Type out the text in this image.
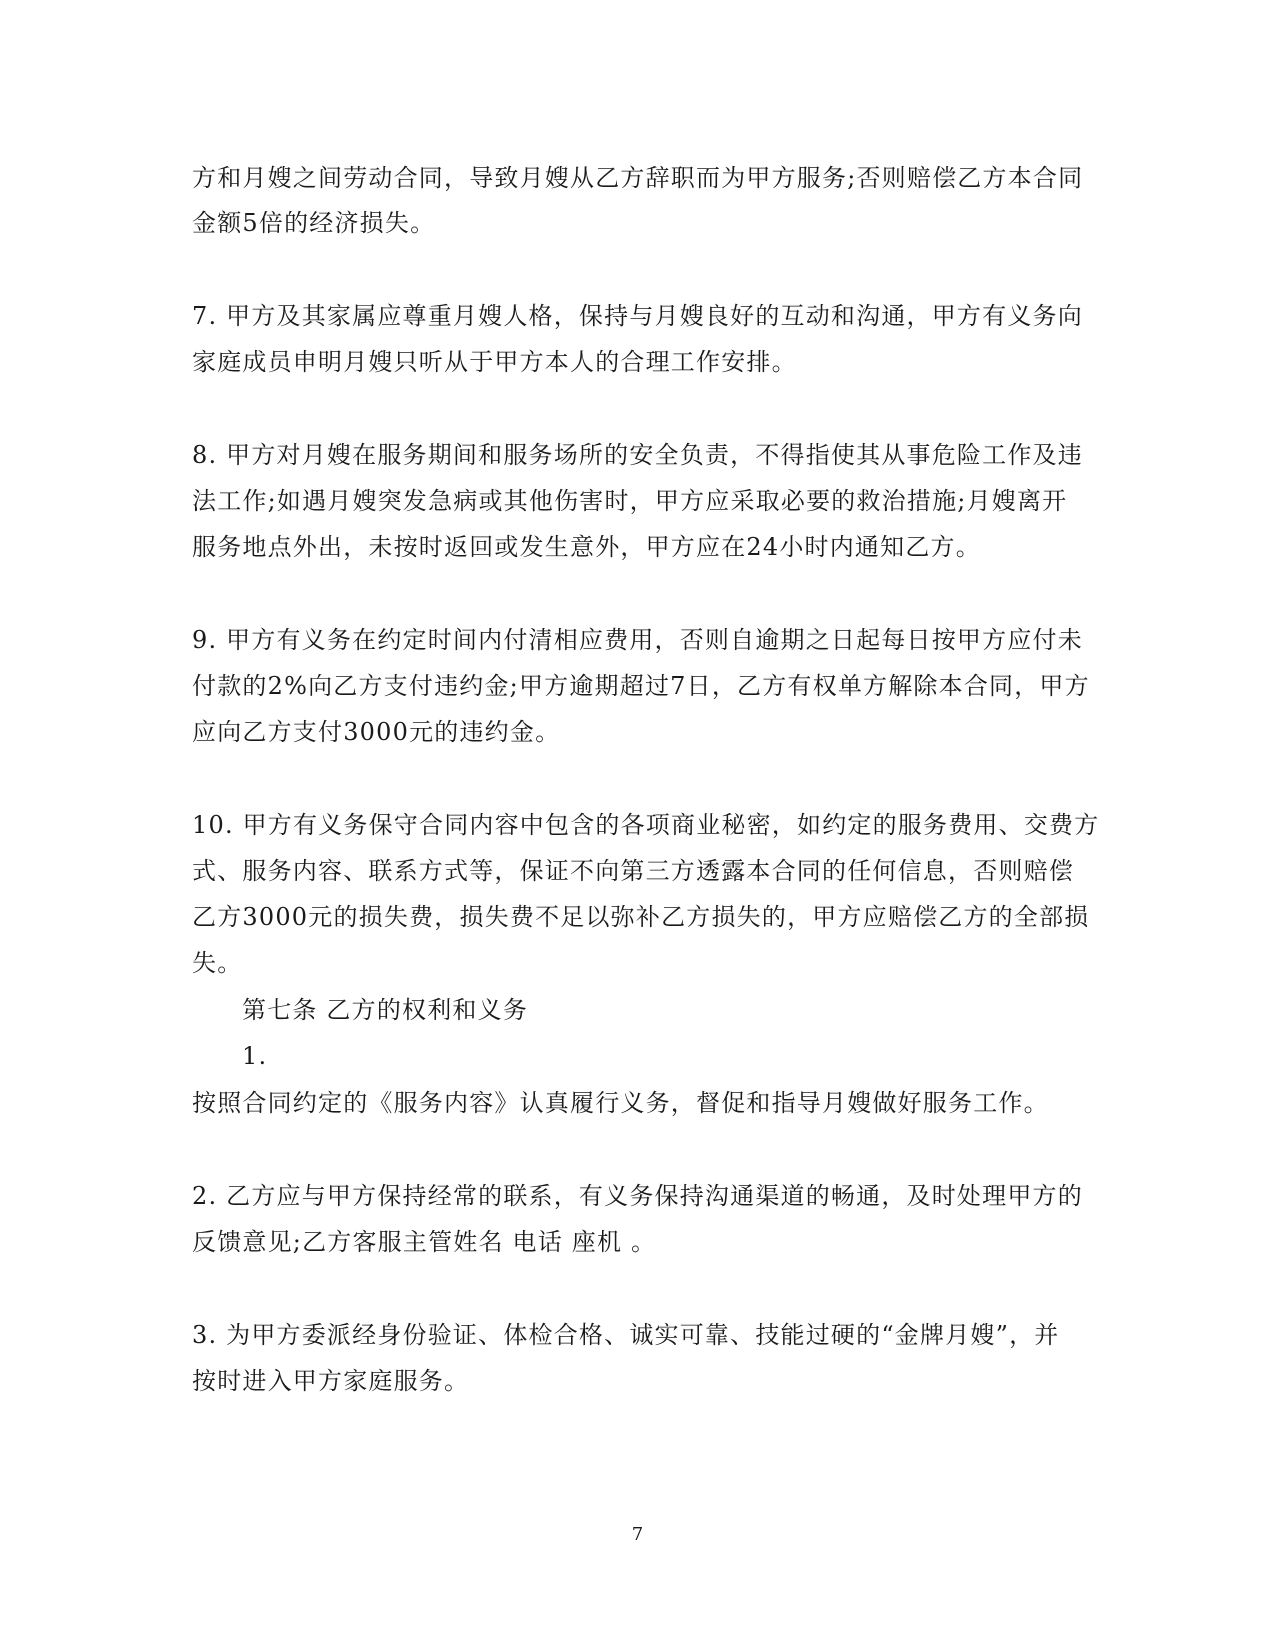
方和月嫂之间劳动合同，导致月嫂从乙方辞职而为甲方服务;否则赔偿乙方本合同
金额5倍的经济损失。
7. 甲方及其家属应尊重月嫂人格，保持与月嫂良好的互动和沟通，甲方有义务向
家庭成员申明月嫂只听从于甲方本人的合理工作安排。
8. 甲方对月嫂在服务期间和服务场所的安全负责，不得指使其从事危险工作及违
法工作;如遇月嫂突发急病或其他伤害时，甲方应采取必要的救治措施;月嫂离开
服务地点外出，未按时返回或发生意外，甲方应在24小时内通知乙方。
9. 甲方有义务在约定时间内付清相应费用，否则自逾期之日起每日按甲方应付未
付款的2%向乙方支付违约金;甲方逾期超过7日，乙方有权单方解除本合同，甲方
应向乙方支付3000元的违约金。
10. 甲方有义务保守合同内容中包含的各项商业秘密，如约定的服务费用、交费方
式、服务内容、联系方式等，保证不向第三方透露本合同的任何信息，否则赔偿
乙方3000元的损失费，损失费不足以弥补乙方损失的，甲方应赔偿乙方的全部损
失。
第七条 乙方的权利和义务
1.
按照合同约定的《服务内容》认真履行义务，督促和指导月嫂做好服务工作。
2. 乙方应与甲方保持经常的联系，有义务保持沟通渠道的畅通，及时处理甲方的
反馈意见;乙方客服主管姓名 电话 座机 。
3. 为甲方委派经身份验证、体检合格、诚实可靠、技能过硬的“金牌月嫂”，并
按时进入甲方家庭服务。
7
